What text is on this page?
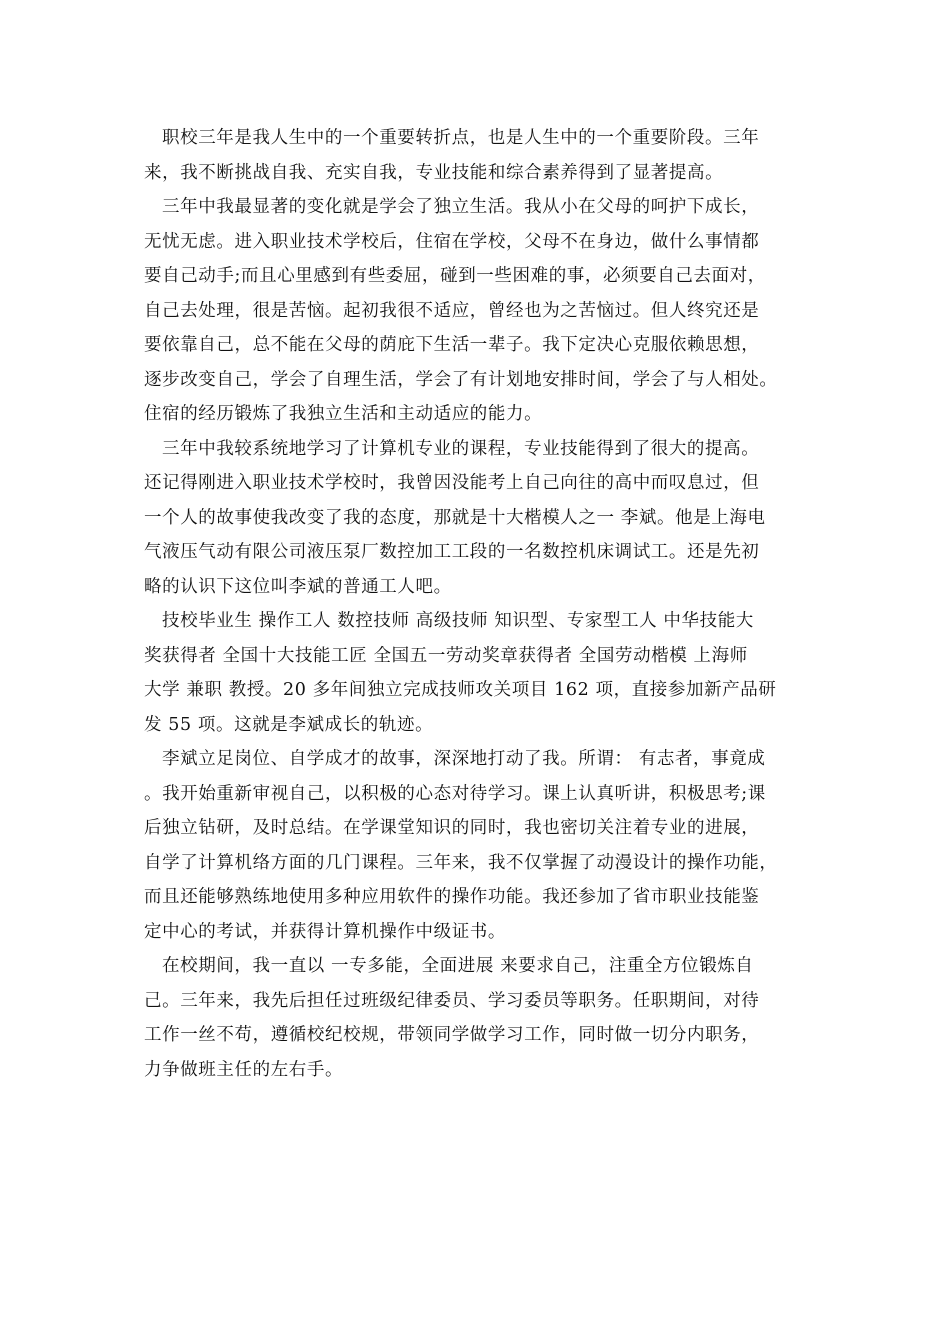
职校三年是我人生中的一个重要转折点，也是人生中的一个重要阶段。三年
来，我不断挑战自我、充实自我，专业技能和综合素养得到了显著提高。
三年中我最显著的变化就是学会了独立生活。我从小在父母的呵护下成长，
无忧无虑。进入职业技术学校后，住宿在学校，父母不在身边，做什么事情都
要自己动手;而且心里感到有些委屈，碰到一些困难的事，必须要自己去面对，
自己去处理，很是苦恼。起初我很不适应，曾经也为之苦恼过。但人终究还是
要依靠自己，总不能在父母的荫庇下生活一辈子。我下定决心克服依赖思想，
逐步改变自己，学会了自理生活，学会了有计划地安排时间，学会了与人相处。
住宿的经历锻炼了我独立生活和主动适应的能力。
三年中我较系统地学习了计算机专业的课程，专业技能得到了很大的提高。
还记得刚进入职业技术学校时，我曾因没能考上自己向往的高中而叹息过，但
一个人的故事使我改变了我的态度，那就是十大楷模人之一 李斌。他是上海电
气液压气动有限公司液压泵厂数控加工工段的一名数控机床调试工。还是先初
略的认识下这位叫李斌的普通工人吧。
技校毕业生 操作工人 数控技师 高级技师 知识型、专家型工人 中华技能大
奖获得者 全国十大技能工匠 全国五一劳动奖章获得者 全国劳动楷模 上海师
大学 兼职 教授。20 多年间独立完成技师攻关项目 162 项，直接参加新产品研
发 55 项。这就是李斌成长的轨迹。
李斌立足岗位、自学成才的故事，深深地打动了我。所谓： 有志者，事竟成
。我开始重新审视自己，以积极的心态对待学习。课上认真听讲，积极思考;课
后独立钻研，及时总结。在学课堂知识的同时，我也密切关注着专业的进展，
自学了计算机络方面的几门课程。三年来，我不仅掌握了动漫设计的操作功能，
而且还能够熟练地使用多种应用软件的操作功能。我还参加了省市职业技能鉴
定中心的考试，并获得计算机操作中级证书。
在校期间，我一直以 一专多能，全面进展 来要求自己，注重全方位锻炼自
己。三年来，我先后担任过班级纪律委员、学习委员等职务。任职期间，对待
工作一丝不苟，遵循校纪校规，带领同学做学习工作，同时做一切分内职务，
力争做班主任的左右手。
